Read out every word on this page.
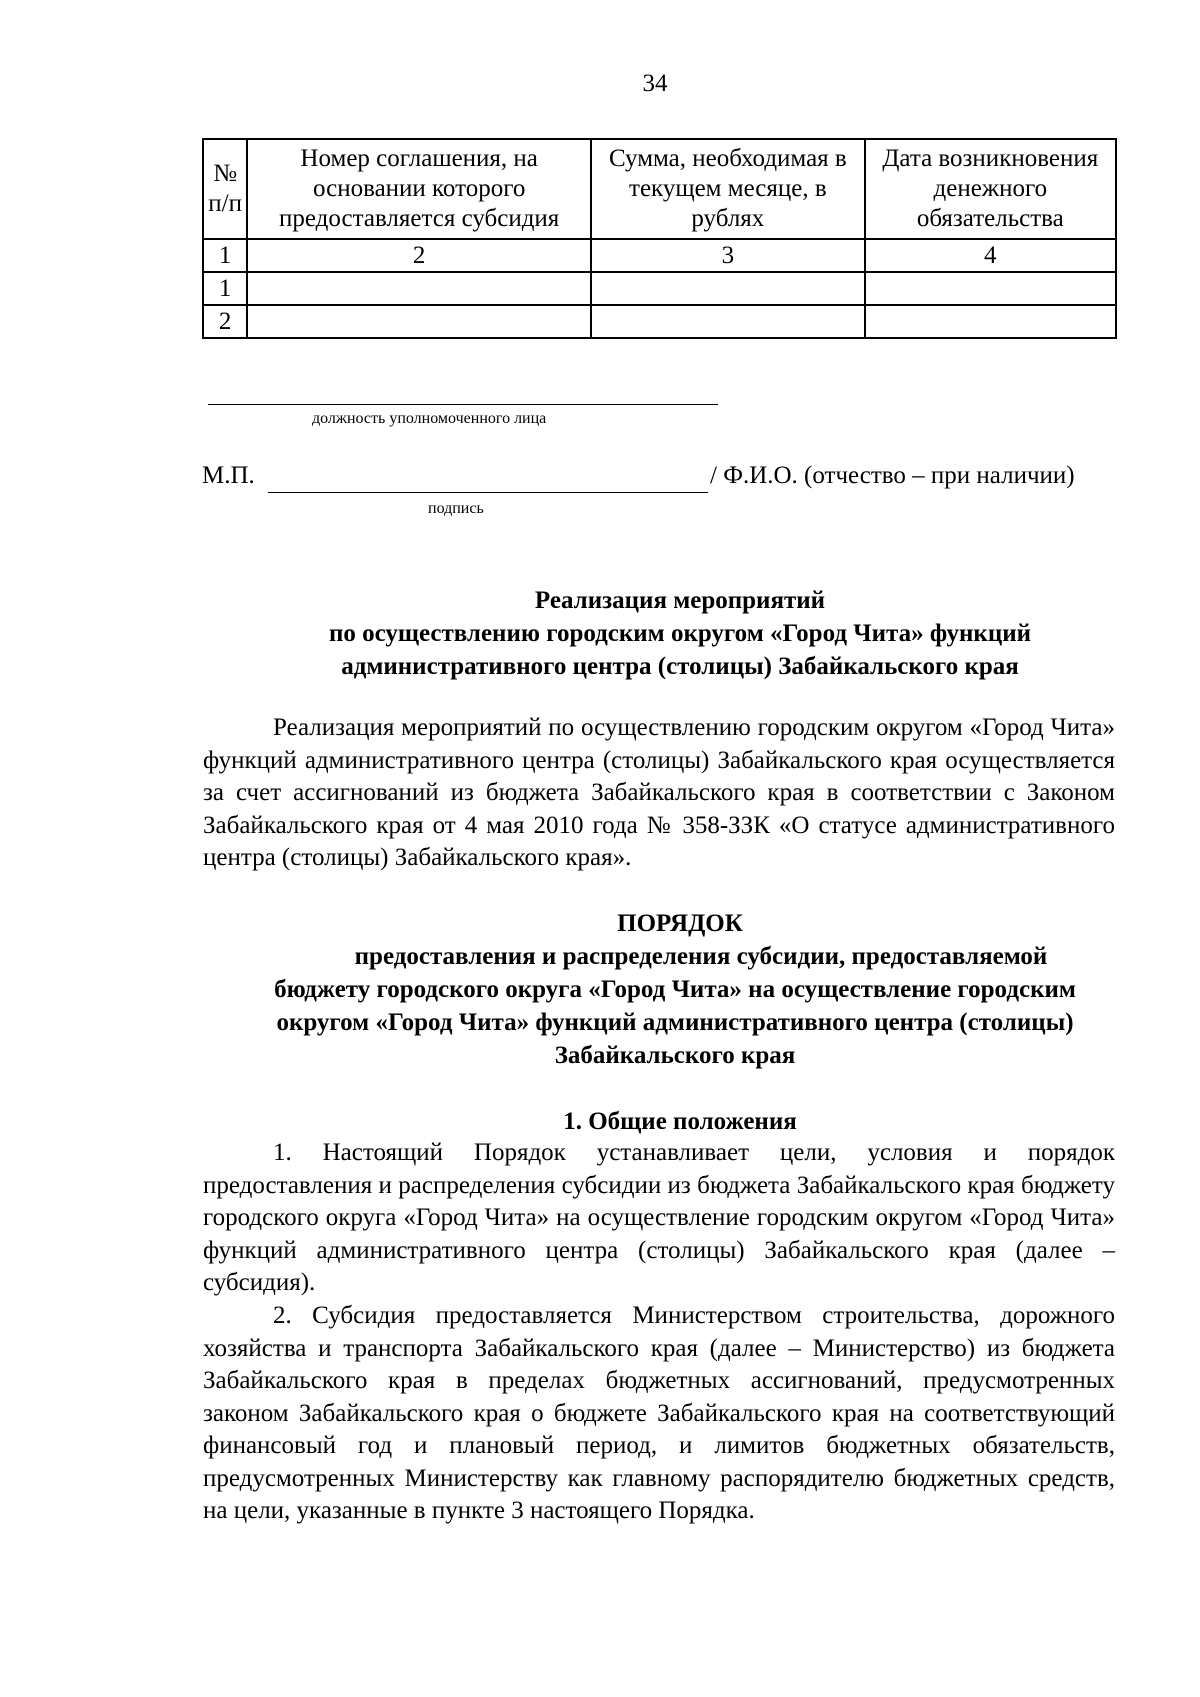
34
№ п/п	Номер соглашения, на основании которого предоставляется субсидия	Сумма, необходимая в текущем месяце, в рублях	Дата возникновения денежного обязательства
1	2	3	4
1			
2			
должность уполномоченного лица
М.П.	/ Ф.И.О. (отчество – при наличии)
подпись
Реализация мероприятий
по осуществлению городским округом «Город Чита» функций
административного центра (столицы) Забайкальского края
Реализация мероприятий по осуществлению городским округом «Город Чита» функций административного центра (столицы) Забайкальского края осуществляется за счет ассигнований из бюджета Забайкальского края в соответствии с Законом Забайкальского края от 4 мая 2010 года № 358-ЗЗК «О статусе административного центра (столицы) Забайкальского края».
ПОРЯДОК
предоставления и распределения субсидии, предоставляемой
бюджету городского округа «Город Чита» на осуществление городским
округом «Город Чита» функций административного центра (столицы)
Забайкальского края
1. Общие положения
1. Настоящий Порядок устанавливает цели, условия и порядок предоставления и распределения субсидии из бюджета Забайкальского края бюджету городского округа «Город Чита» на осуществление городским округом «Город Чита» функций административного центра (столицы) Забайкальского края (далее – субсидия).
2. Субсидия предоставляется Министерством строительства, дорожного хозяйства и транспорта Забайкальского края (далее – Министерство) из бюджета Забайкальского края в пределах бюджетных ассигнований, предусмотренных законом Забайкальского края о бюджете Забайкальского края на соответствующий финансовый год и плановый период, и лимитов бюджетных обязательств, предусмотренных Министерству как главному распорядителю бюджетных средств, на цели, указанные в пункте 3 настоящего Порядка.
